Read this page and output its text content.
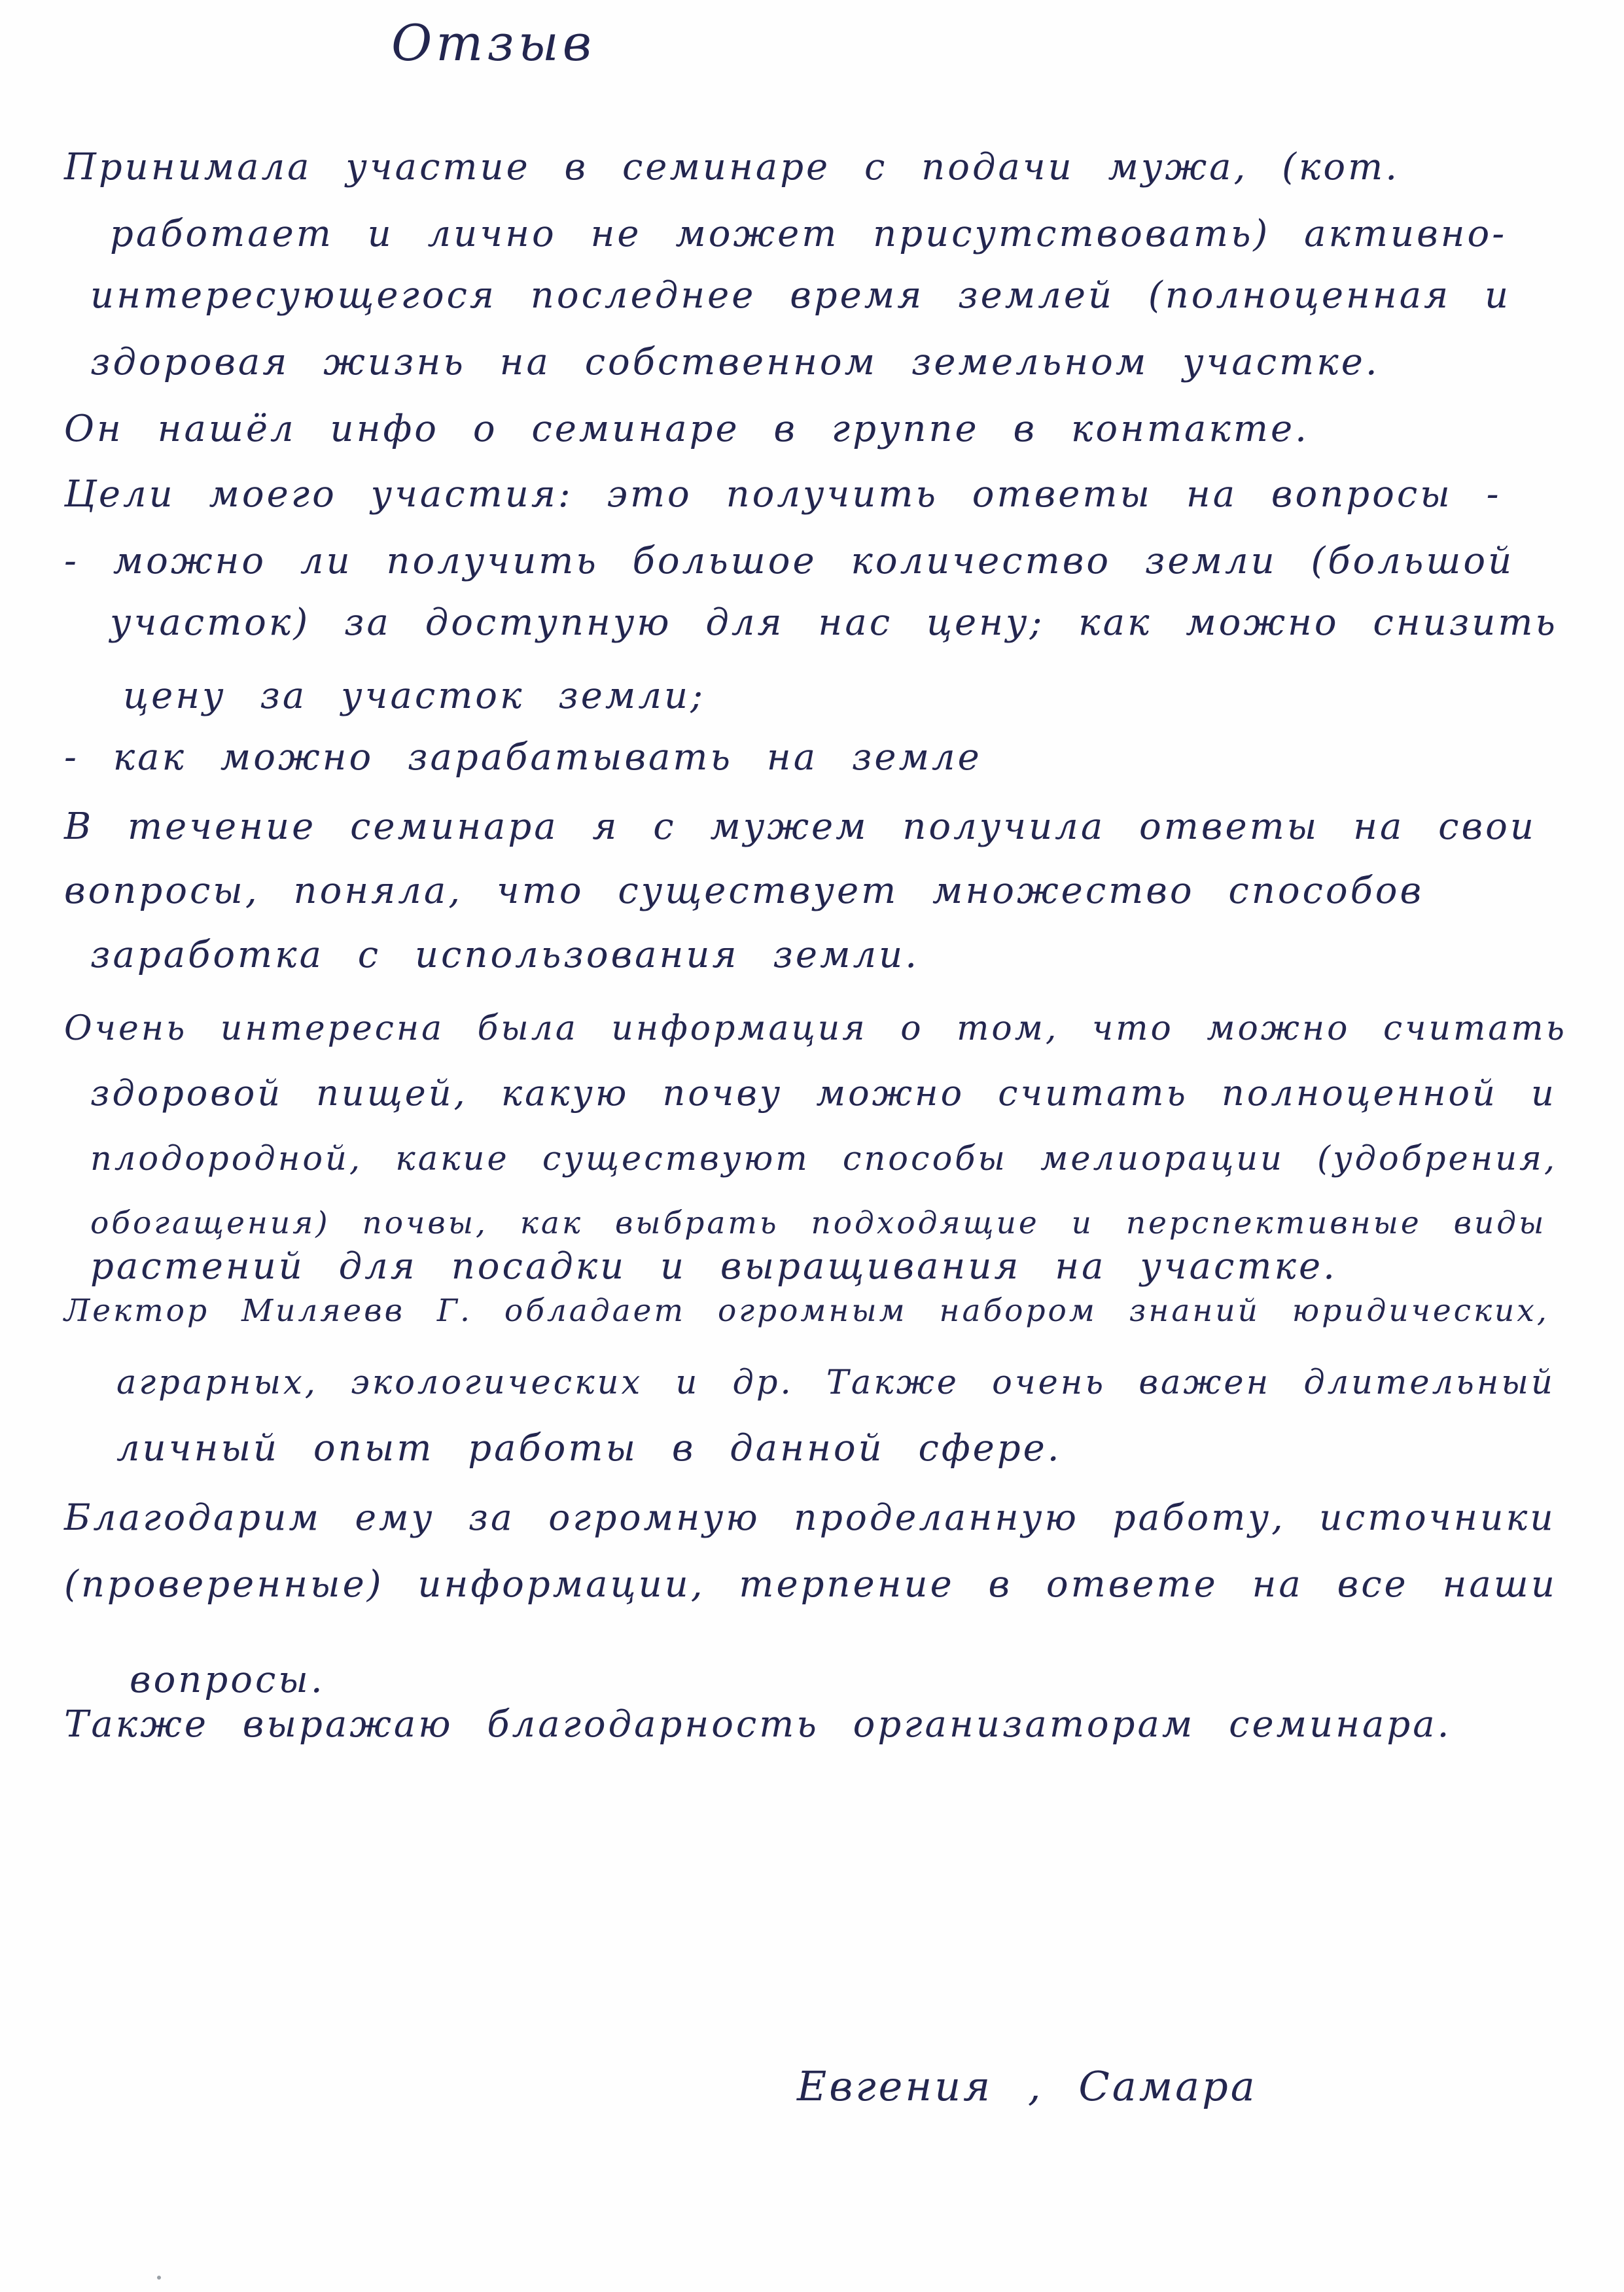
Отзыв
Принимала участие в семинаре с подачи мужа, (кот.
работает и лично не может присутствовать) активно-
интересующегося последнее время землей (полноценная и
здоровая жизнь на собственном земельном участке.
Он нашёл инфо о семинаре в группе в контакте.
Цели моего участия: это получить ответы на вопросы -
- можно ли получить большое количество земли (большой
участок) за доступную для нас цену; как можно снизить
цену за участок земли;
- как можно зарабатывать на земле
В течение семинара я с мужем получила ответы на свои
вопросы, поняла, что существует множество способов
заработка с использования земли.
Очень интересна была информация о том, что можно считать
здоровой пищей, какую почву можно считать полноценной и
плодородной, какие существуют способы мелиорации (удобрения,
обогащения) почвы, как выбрать подходящие и перспективные виды
растений для посадки и выращивания на участке.
Лектор Миляевв Г. обладает огромным набором знаний юридических,
аграрных, экологических и др. Также очень важен длительный
личный опыт работы в данной сфере.
Благодарим ему за огромную проделанную работу, источники
(проверенные) информации, терпение в ответе на все наши
вопросы.
Также выражаю благодарность организаторам семинара.
Евгения , Самара
